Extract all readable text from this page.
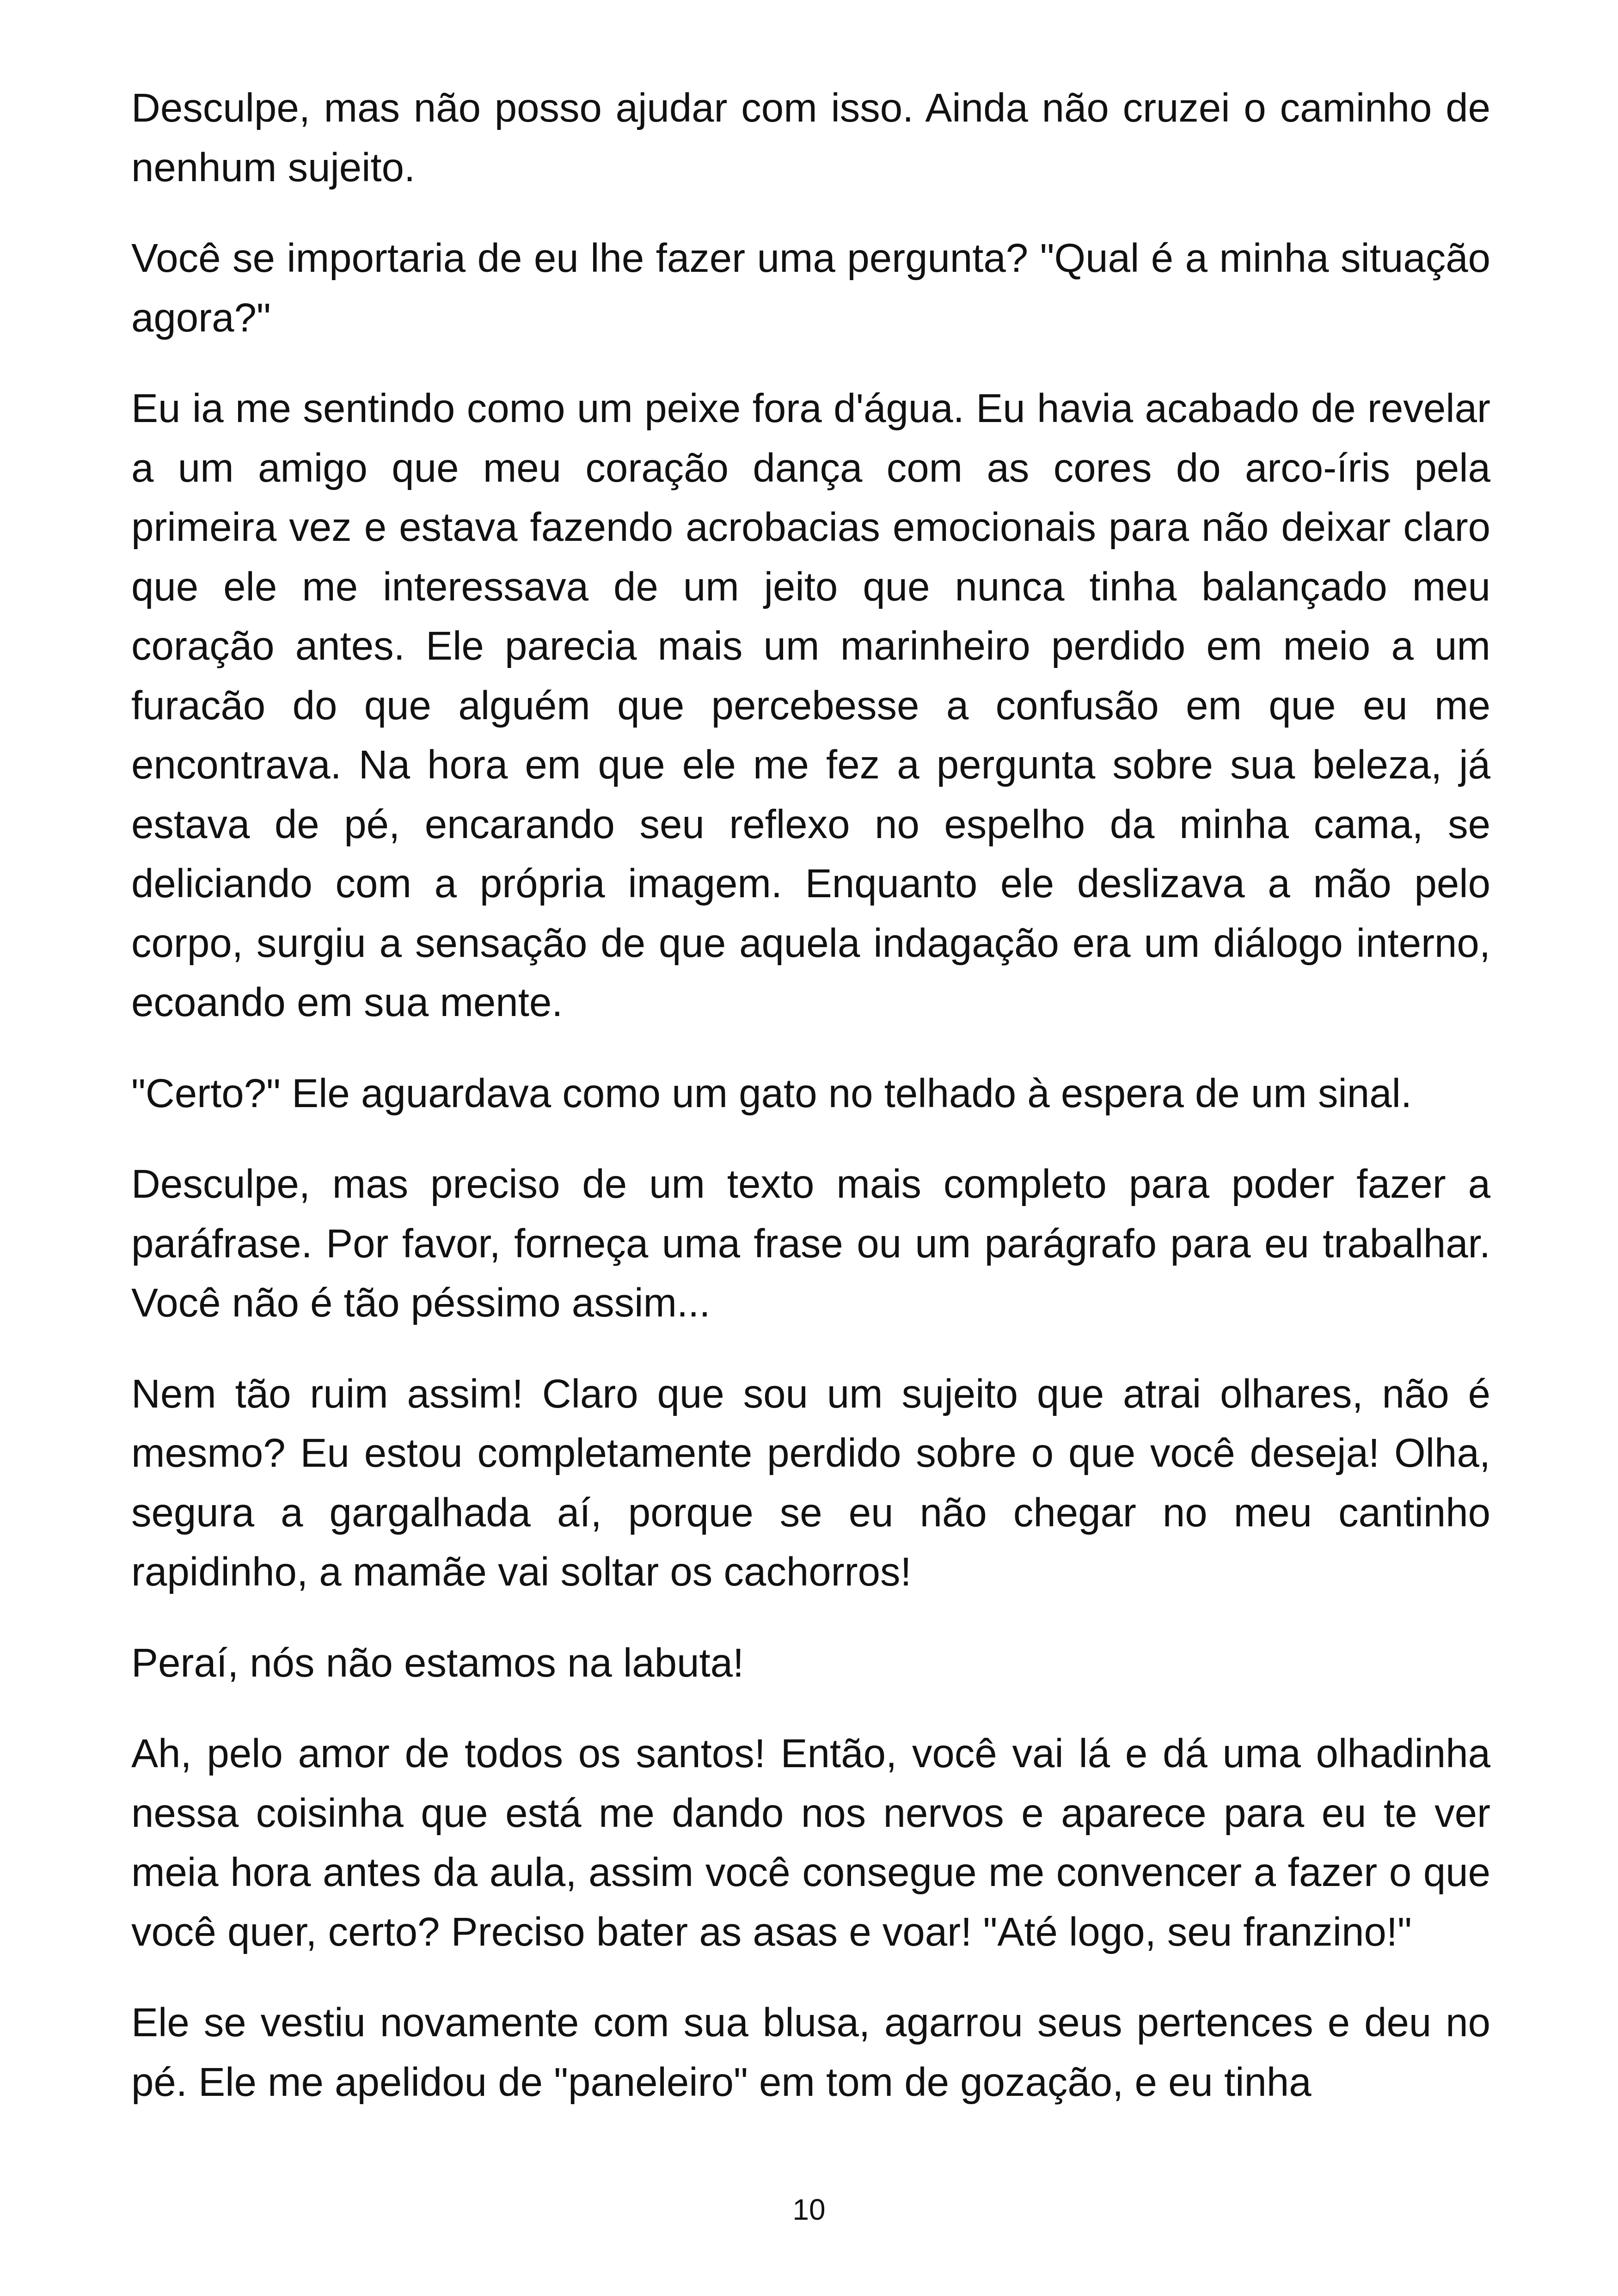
Desculpe, mas não posso ajudar com isso. Ainda não cruzei o caminho de nenhum sujeito.

Você se importaria de eu lhe fazer uma pergunta? "Qual é a minha situação agora?"

Eu ia me sentindo como um peixe fora d'água. Eu havia acabado de revelar a um amigo que meu coração dança com as cores do arco-íris pela primeira vez e estava fazendo acrobacias emocionais para não deixar claro que ele me interessava de um jeito que nunca tinha balançado meu coração antes. Ele parecia mais um marinheiro perdido em meio a um furacão do que alguém que percebesse a confusão em que eu me encontrava. Na hora em que ele me fez a pergunta sobre sua beleza, já estava de pé, encarando seu reflexo no espelho da minha cama, se deliciando com a própria imagem. Enquanto ele deslizava a mão pelo corpo, surgiu a sensação de que aquela indagação era um diálogo interno, ecoando em sua mente.

"Certo?" Ele aguardava como um gato no telhado à espera de um sinal.

Desculpe, mas preciso de um texto mais completo para poder fazer a paráfrase. Por favor, forneça uma frase ou um parágrafo para eu trabalhar. Você não é tão péssimo assim...

Nem tão ruim assim! Claro que sou um sujeito que atrai olhares, não é mesmo? Eu estou completamente perdido sobre o que você deseja! Olha, segura a gargalhada aí, porque se eu não chegar no meu cantinho rapidinho, a mamãe vai soltar os cachorros!

Peraí, nós não estamos na labuta!

Ah, pelo amor de todos os santos! Então, você vai lá e dá uma olhadinha nessa coisinha que está me dando nos nervos e aparece para eu te ver meia hora antes da aula, assim você consegue me convencer a fazer o que você quer, certo? Preciso bater as asas e voar! "Até logo, seu franzino!"

Ele se vestiu novamente com sua blusa, agarrou seus pertences e deu no pé. Ele me apelidou de "paneleiro" em tom de gozação, e eu tinha

10
